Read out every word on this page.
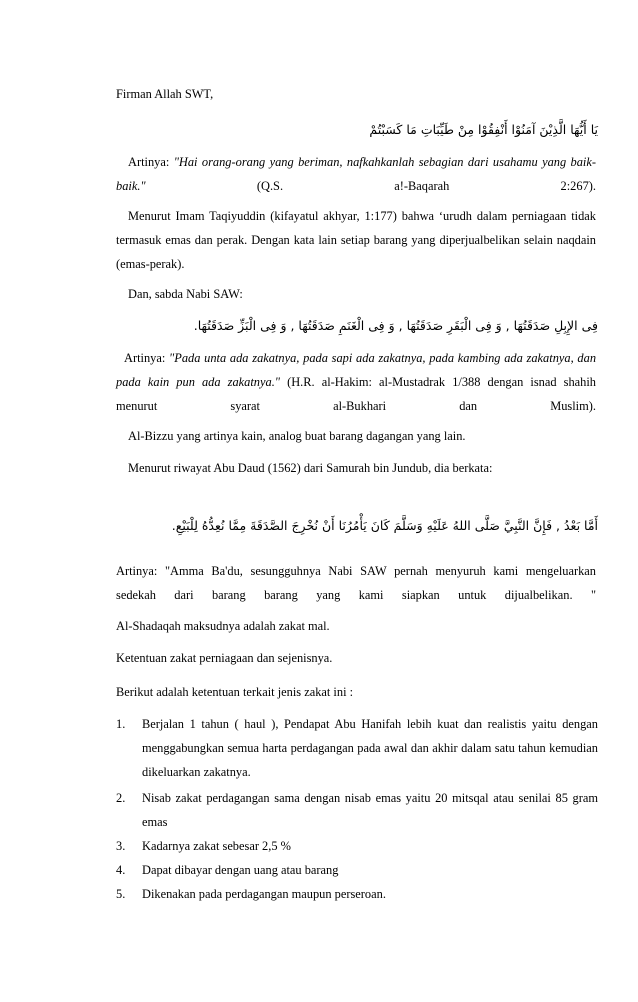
Firman Allah SWT,

يَا أَيُّهَا الَّذِيْنَ آمَنُوْا أَنْفِقُوْا مِنْ طَيِّبَاتِ مَا كَسَبْتُمْ

Artinya: "Hai orang-orang yang beriman, nafkahkanlah sebagian dari usahamu yang baik-baik." (Q.S. a!-Baqarah 2:267).

Menurut Imam Taqiyuddin (kifayatul akhyar, 1:177) bahwa ‘urudh dalam perniagaan tidak termasuk emas dan perak. Dengan kata lain setiap barang yang diperjualbelikan selain naqdain (emas-perak).

Dan, sabda Nabi SAW:

فِى الإِبِلِ صَدَقَتُهَا , وَ فِى الْبَقَرِ صَدَقَتُهَا , وَ فِى الْغَنَمِ صَدَقَتُهَا , وَ فِى الْبَزِّ صَدَقَتُهَا.

Artinya: "Pada unta ada zakatnya, pada sapi ada zakatnya, pada kambing ada zakatnya, dan pada kain pun ada zakatnya." (H.R. al-Hakim: al-Mustadrak 1/388 dengan isnad shahih menurut syarat al-Bukhari dan Muslim).

Al-Bizzu yang artinya kain, analog buat barang dagangan yang lain.

Menurut riwayat Abu Daud (1562) dari Samurah bin Jundub, dia berkata:

أَمَّا بَعْدُ , فَإِنَّ النَّبِيَّ صَلَّى اللهُ عَلَيْهِ وَسَلَّمَ كَانَ يَأْمُرُنَا أَنْ نُخْرِجَ الصَّدَقَةَ مِمَّا نُعِدُّهُ لِلْبَيْعِ.

Artinya: "Amma Ba'du, sesungguhnya Nabi SAW pernah menyuruh kami mengeluarkan sedekah dari barang barang yang kami siapkan untuk dijualbelikan. "

Al-Shadaqah maksudnya adalah zakat mal.

Ketentuan zakat perniagaan dan sejenisnya.

Berikut adalah ketentuan terkait jenis zakat ini :

1. Berjalan 1 tahun ( haul ), Pendapat Abu Hanifah lebih kuat dan realistis yaitu dengan menggabungkan semua harta perdagangan pada awal dan akhir dalam satu tahun kemudian dikeluarkan zakatnya.
2. Nisab zakat perdagangan sama dengan nisab emas yaitu 20 mitsqal atau senilai 85 gram emas
3. Kadarnya zakat sebesar 2,5 %
4. Dapat dibayar dengan uang atau barang
5. Dikenakan pada perdagangan maupun perseroan.
